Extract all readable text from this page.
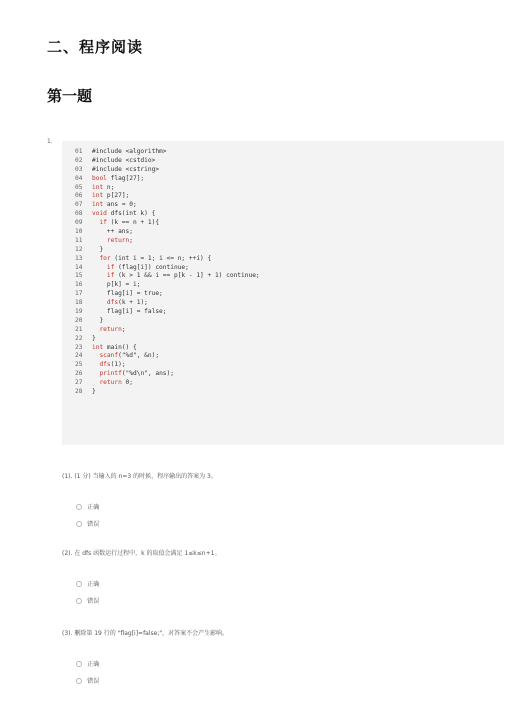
二、程序阅读
第一题
1.
01 #include <algorithm>
02 #include <cstdio>
03 #include <cstring>
04 bool flag[27];
05 int n;
06 int p[27];
07 int ans = 0;
08 void dfs(int k) {
09	if (k == n + 1){
10	++ ans;
11	return;
12	}
13	for (int i = 1; i <= n; ++i) {
14	if (flag[i]) continue;
15	if (k > 1 && i == p[k - 1] + 1) continue;
16	p[k] = i;
17	flag[i] = true;
18	dfs(k + 1);
19	flag[i] = false;
20	}
21	return;
22 }
23 int main() {
24	scanf("%d", &n);
25	dfs(1);
26	printf("%d\n", ans);
27	return 0;
28 }
(1). (1 分) 当输入的 n=3 的时候，程序输出的答案为 3。
正确
错误
(2). 在 dfs 函数运行过程中，k 的取值会满足 1≤k≤n+1。
正确
错误
(3). 删除第 19 行的 "flag[i]=false;"，对答案不会产生影响。
正确
错误
